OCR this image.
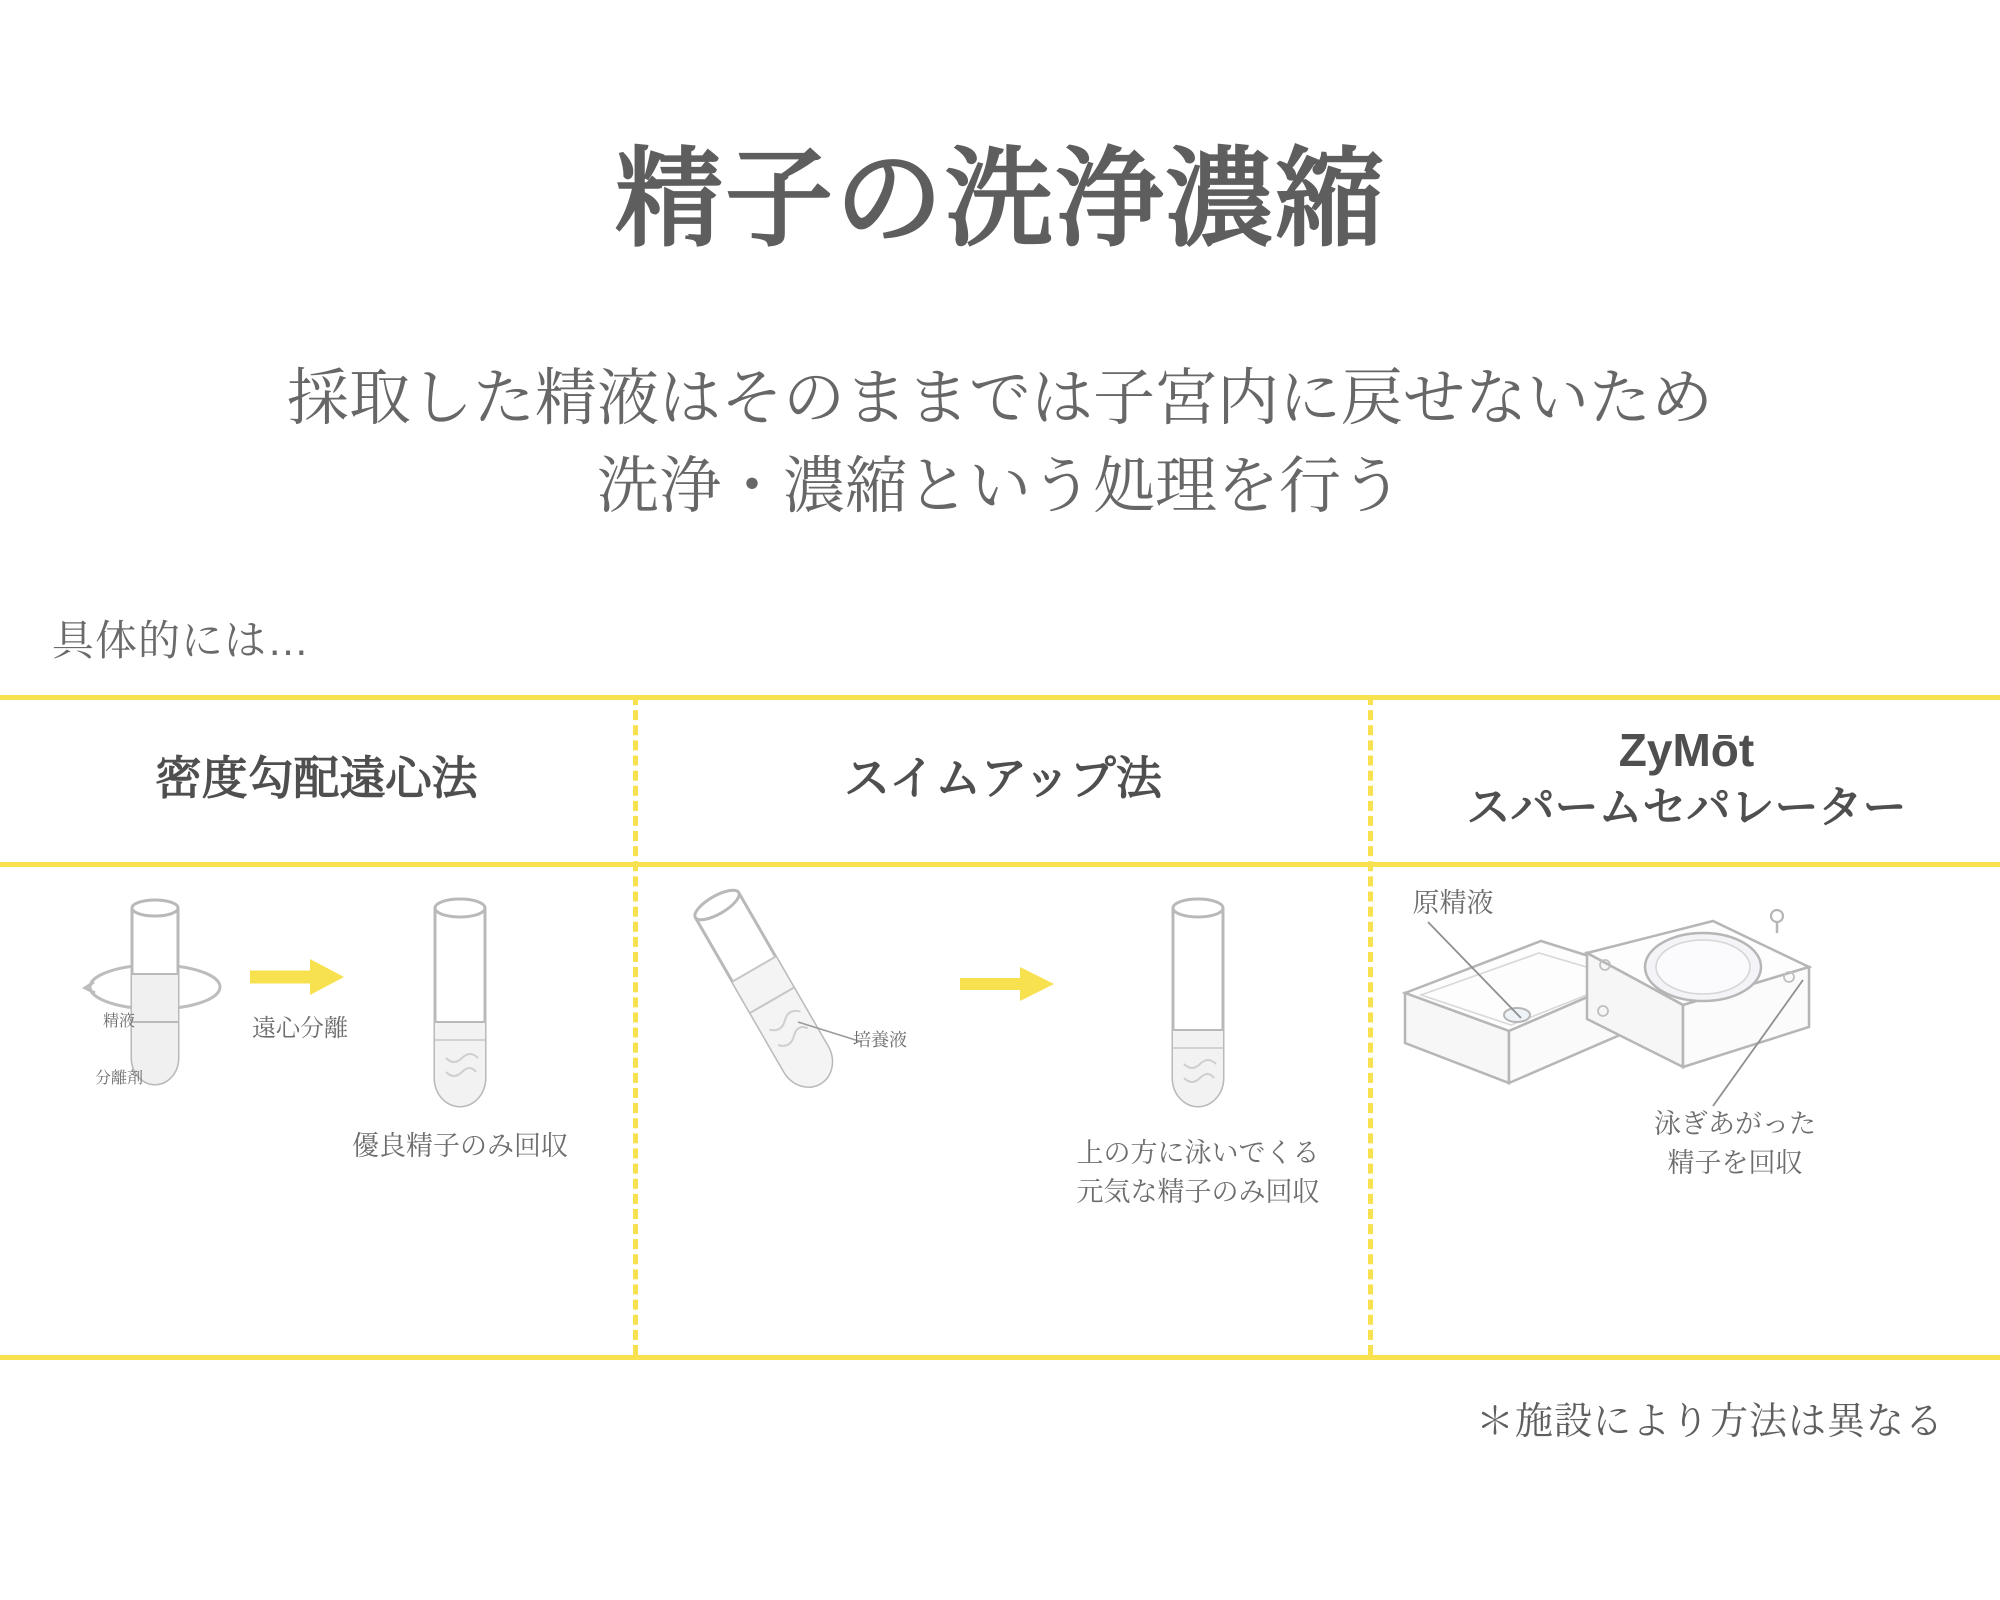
精子の洗浄濃縮
採取した精液はそのままでは子宮内に戻せないため
洗浄・濃縮という処理を行う
具体的には…
密度勾配遠心法
精液
分離剤
遠心分離
優良精子のみ回収
スイムアップ法
培養液
上の方に泳いでくる
元気な精子のみ回収
ZyMōt
スパームセパレーター
原精液
泳ぎあがった
精子を回収
＊施設により方法は異なる
